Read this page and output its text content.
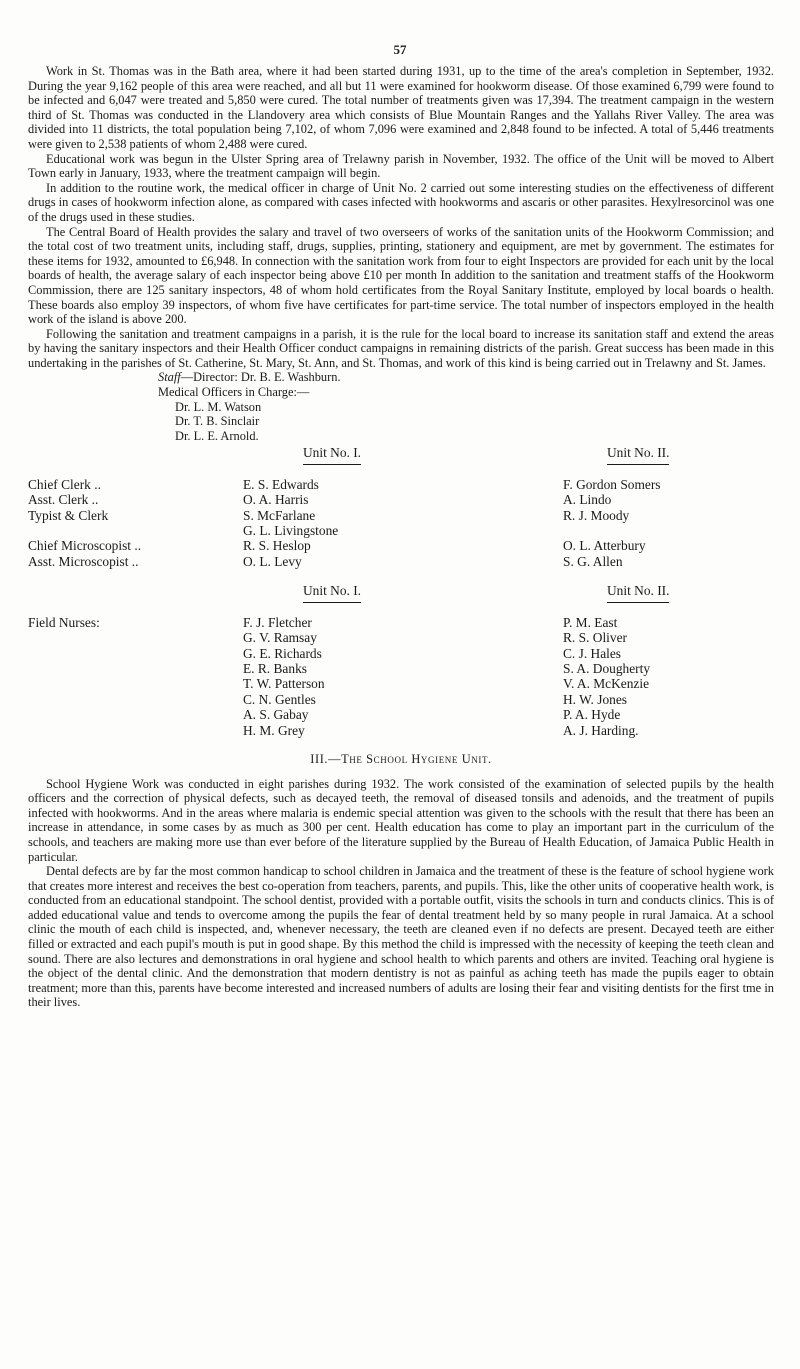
57

Work in St. Thomas was in the Bath area, where it had been started during 1931, up to the time of the area's completion in September, 1932. During the year 9,162 people of this area were reached, and all but 11 were examined for hookworm disease. Of those examined 6,799 were found to be infected and 6,047 were treated and 5,850 were cured. The total number of treatments given was 17,394. The treatment campaign in the western third of St. Thomas was conducted in the Llandovery area which consists of Blue Mountain Ranges and the Yallahs River Valley. The area was divided into 11 districts, the total population being 7,102, of whom 7,096 were examined and 2,848 found to be infected. A total of 5,446 treatments were given to 2,538 patients of whom 2,488 were cured.

Educational work was begun in the Ulster Spring area of Trelawny parish in November, 1932. The office of the Unit will be moved to Albert Town early in January, 1933, where the treatment campaign will begin.

In addition to the routine work, the medical officer in charge of Unit No. 2 carried out some interesting studies on the effectiveness of different drugs in cases of hookworm infection alone, as compared with cases infected with hookworms and ascaris or other parasites. Hexylresorcinol was one of the drugs used in these studies.

The Central Board of Health provides the salary and travel of two overseers of works of the sanitation units of the Hookworm Commission; and the total cost of two treatment units, including staff, drugs, supplies, printing, stationery and equipment, are met by government. The estimates for these items for 1932, amounted to £6,948. In connection with the sanitation work from four to eight Inspectors are provided for each unit by the local boards of health, the average salary of each inspector being above £10 per month In addition to the sanitation and treatment staffs of the Hookworm Commission, there are 125 sanitary inspectors, 48 of whom hold certificates from the Royal Sanitary Institute, employed by local boards o health. These boards also employ 39 inspectors, of whom five have certificates for part-time service. The total number of inspectors employed in the health work of the island is above 200.

Following the sanitation and treatment campaigns in a parish, it is the rule for the local board to increase its sanitation staff and extend the areas by having the sanitary inspectors and their Health Officer conduct campaigns in remaining districts of the parish. Great success has been made in this undertaking in the parishes of St. Catherine, St. Mary, St. Ann, and St. Thomas, and work of this kind is being carried out in Trelawny and St. James.

Staff—Director: Dr. B. E. Washburn.
Medical Officers in Charge:—
Dr. L. M. Watson
Dr. T. B. Sinclair
Dr. L. E. Arnold.
	Unit No. I.	Unit No. II.
Chief Clerk ..	E. S. Edwards	F. Gordon Somers
Asst. Clerk ..	O. A. Harris	A. Lindo
Typist & Clerk	S. McFarlane	R. J. Moody
	G. L. Livingstone	
Chief Microscopist ..	R. S. Heslop	O. L. Atterbury
Asst. Microscopist ..	O. L. Levy	S. G. Allen

	Unit No. I.	Unit No. II.
Field Nurses:	F. J. Fletcher	P. M. East
	G. V. Ramsay	R. S. Oliver
	G. E. Richards	C. J. Hales
	E. R. Banks	S. A. Dougherty
	T. W. Patterson	V. A. McKenzie
	C. N. Gentles	H. W. Jones
	A. S. Gabay	P. A. Hyde
	H. M. Grey	A. J. Harding.
III.—The School Hygiene Unit.

School Hygiene Work was conducted in eight parishes during 1932. The work consisted of the examination of selected pupils by the health officers and the correction of physical defects, such as decayed teeth, the removal of diseased tonsils and adenoids, and the treatment of pupils infected with hookworms. And in the areas where malaria is endemic special attention was given to the schools with the result that there has been an increase in attendance, in some cases by as much as 300 per cent. Health education has come to play an important part in the curriculum of the schools, and teachers are making more use than ever before of the literature supplied by the Bureau of Health Education, of Jamaica Public Health in particular.

Dental defects are by far the most common handicap to school children in Jamaica and the treatment of these is the feature of school hygiene work that creates more interest and receives the best co-operation from teachers, parents, and pupils. This, like the other units of cooperative health work, is conducted from an educational standpoint. The school dentist, provided with a portable outfit, visits the schools in turn and conducts clinics. This is of added educational value and tends to overcome among the pupils the fear of dental treatment held by so many people in rural Jamaica. At a school clinic the mouth of each child is inspected, and, whenever necessary, the teeth are cleaned even if no defects are present. Decayed teeth are either filled or extracted and each pupil's mouth is put in good shape. By this method the child is impressed with the necessity of keeping the teeth clean and sound. There are also lectures and demonstrations in oral hygiene and school health to which parents and others are invited. Teaching oral hygiene is the object of the dental clinic. And the demonstration that modern dentistry is not as painful as aching teeth has made the pupils eager to obtain treatment; more than this, parents have become interested and increased numbers of adults are losing their fear and visiting dentists for the first tme in their lives.
